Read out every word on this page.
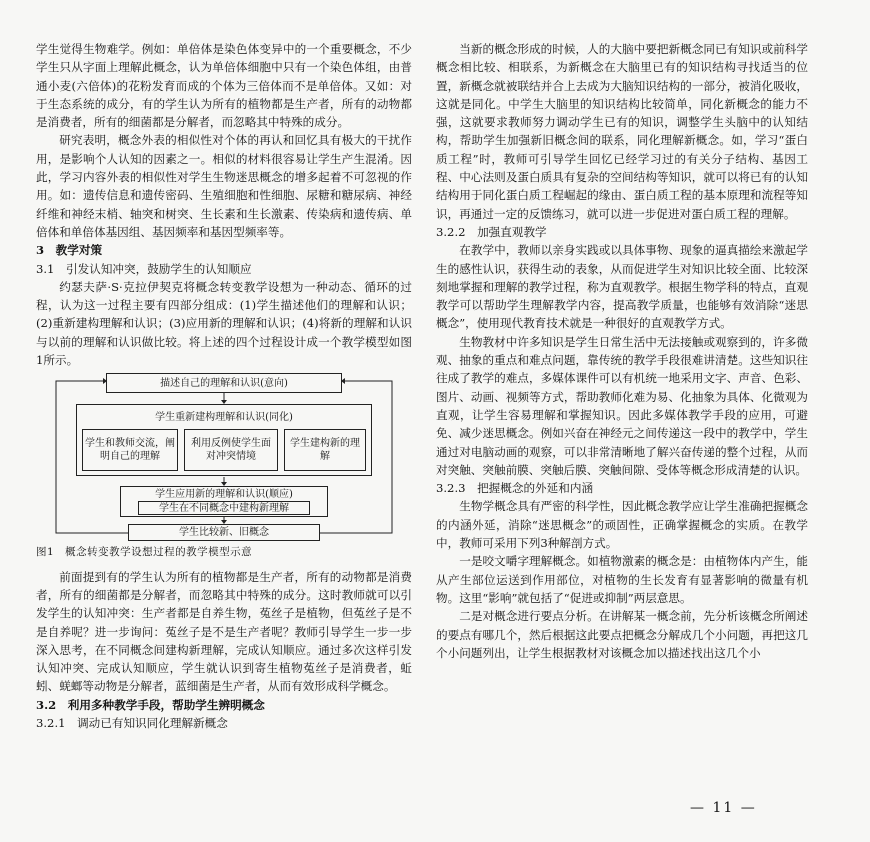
学生觉得生物难学。例如：单倍体是染色体变异中的一个重要概念，不少学生只从字面上理解此概念，认为单倍体细胞中只有一个染色体组，由普通小麦(六倍体)的花粉发育而成的个体为三倍体而不是单倍体。又如：对于生态系统的成分，有的学生认为所有的植物都是生产者，所有的动物都是消费者，所有的细菌都是分解者，而忽略其中特殊的成分。

研究表明，概念外表的相似性对个体的再认和回忆具有极大的干扰作用，是影响个人认知的因素之一。相似的材料很容易让学生产生混淆。因此，学习内容外表的相似性对学生生物迷思概念的增多起着不可忽视的作用。如：遗传信息和遗传密码、生殖细胞和性细胞、尿糖和糖尿病、神经纤维和神经末梢、轴突和树突、生长素和生长激素、传染病和遗传病、单倍体和单倍体基因组、基因频率和基因型频率等。

3　教学对策
3.1　引发认知冲突，鼓励学生的认知顺应

约瑟夫萨·S·克拉伊契克将概念转变教学设想为一种动态、循环的过程，认为这一过程主要有四部分组成：(1)学生描述他们的理解和认识；(2)重新建构理解和认识；(3)应用新的理解和认识；(4)将新的理解和认识与以前的理解和认识做比较。将上述的四个过程设计成一个教学模型如图1所示。

描述自己的理解和认识(意向)
学生重新建构理解和认识(同化)
学生和教师交流，阐明自己的理解
利用反例使学生面对冲突情境
学生建构新的理解
学生应用新的理解和认识(顺应)
学生在不同概念中建构新理解
学生比较新、旧概念
图1　概念转变教学设想过程的教学模型示意

前面提到有的学生认为所有的植物都是生产者，所有的动物都是消费者，所有的细菌都是分解者，而忽略其中特殊的成分。这时教师就可以引发学生的认知冲突：生产者都是自养生物，菟丝子是植物，但菟丝子是不是自养呢？进一步询问：菟丝子是不是生产者呢？教师引导学生一步一步深入思考，在不同概念间建构新理解，完成认知顺应。通过多次这样引发认知冲突、完成认知顺应，学生就认识到寄生植物菟丝子是消费者，蚯蚓、蜣螂等动物是分解者，蓝细菌是生产者，从而有效形成科学概念。

3.2　利用多种教学手段，帮助学生辨明概念
3.2.1　调动已有知识同化理解新概念

当新的概念形成的时候，人的大脑中要把新概念同已有知识或前科学概念相比较、相联系，为新概念在大脑里已有的知识结构寻找适当的位置，新概念就被联结并合上去成为大脑知识结构的一部分，被消化吸收，这就是同化。中学生大脑里的知识结构比较简单，同化新概念的能力不强，这就要求教师努力调动学生已有的知识，调整学生头脑中的认知结构，帮助学生加强新旧概念间的联系，同化理解新概念。如，学习“蛋白质工程”时，教师可引导学生回忆已经学习过的有关分子结构、基因工程、中心法则及蛋白质具有复杂的空间结构等知识，就可以将已有的认知结构用于同化蛋白质工程崛起的缘由、蛋白质工程的基本原理和流程等知识，再通过一定的反馈练习，就可以进一步促进对蛋白质工程的理解。

3.2.2　加强直观教学

在教学中，教师以亲身实践或以具体事物、现象的逼真描绘来激起学生的感性认识，获得生动的表象，从而促进学生对知识比较全面、比较深刻地掌握和理解的教学过程，称为直观教学。根据生物学科的特点，直观教学可以帮助学生理解教学内容，提高教学质量，也能够有效消除“迷思概念”，使用现代教育技术就是一种很好的直观教学方式。

生物教材中许多知识是学生日常生活中无法接触或观察到的，许多微观、抽象的重点和难点问题，靠传统的教学手段很难讲清楚。这些知识往往成了教学的难点，多媒体课件可以有机统一地采用文字、声音、色彩、图片、动画、视频等方式，帮助教师化难为易、化抽象为具体、化微观为直观，让学生容易理解和掌握知识。因此多媒体教学手段的应用，可避免、减少迷思概念。例如兴奋在神经元之间传递这一段中的教学中，学生通过对电脑动画的观察，可以非常清晰地了解兴奋传递的整个过程，从而对突触、突触前膜、突触后膜、突触间隙、受体等概念形成清楚的认识。

3.2.3　把握概念的外延和内涵

生物学概念具有严密的科学性，因此概念教学应让学生准确把握概念的内涵外延，消除“迷思概念”的顽固性，正确掌握概念的实质。在教学中，教师可采用下列3种解剖方式。

一是咬文嚼字理解概念。如植物激素的概念是：由植物体内产生，能从产生部位运送到作用部位，对植物的生长发育有显著影响的微量有机物。这里“影响”就包括了“促进或抑制”两层意思。

二是对概念进行要点分析。在讲解某一概念前，先分析该概念所阐述的要点有哪几个，然后根据这此要点把概念分解成几个小问题，再把这几个小问题列出，让学生根据教材对该概念加以描述找出这几个小

— 11 —
